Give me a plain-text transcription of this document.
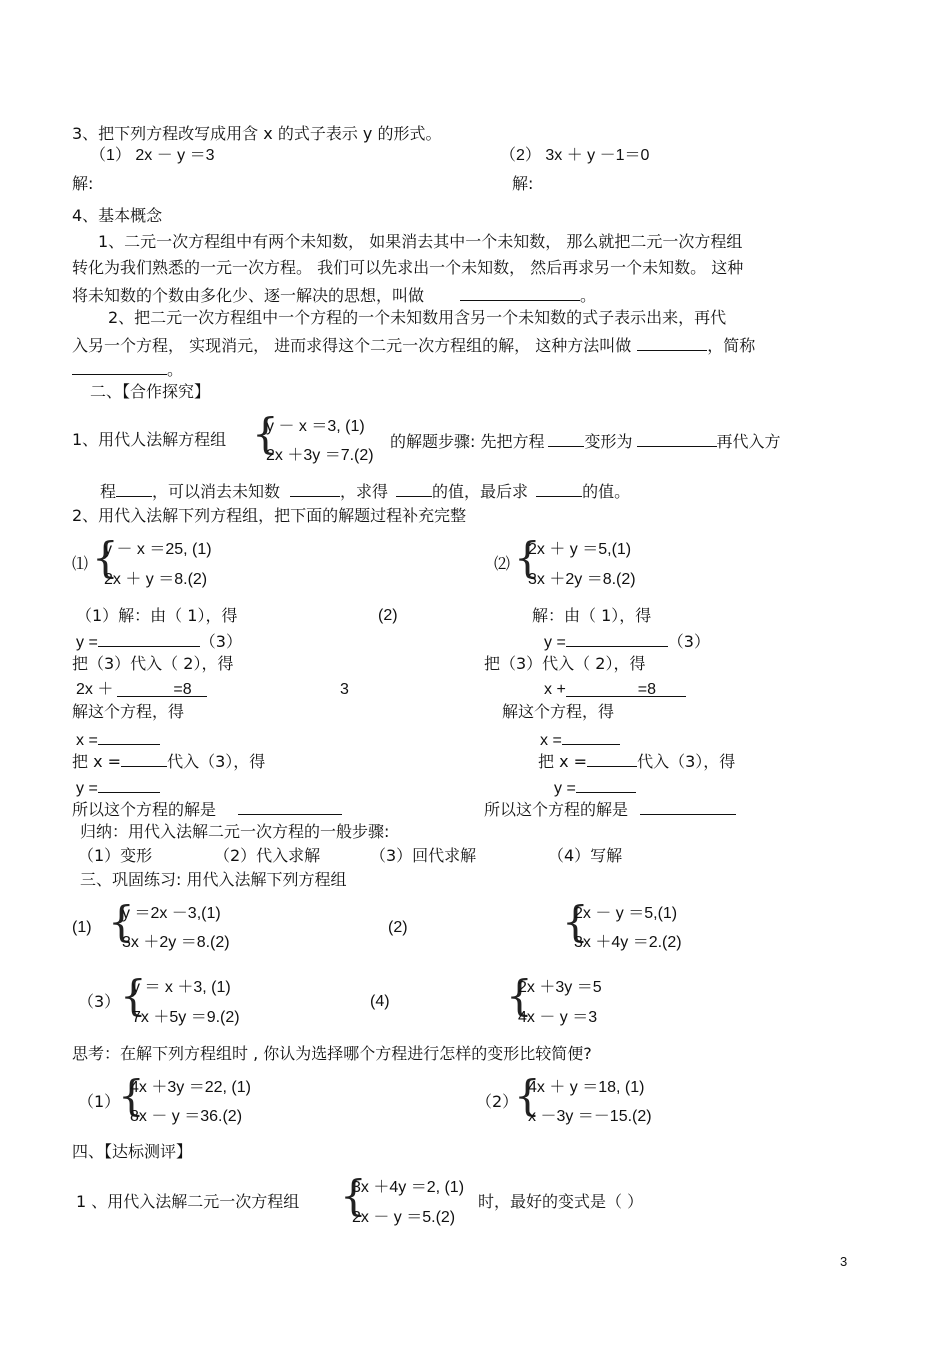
3、把下列方程改写成用含 x 的式子表示 y 的形式。
（1） 2x － y ＝3	（2） 3x ＋ y －1＝0
解:	解:
4、基本概念
1、二元一次方程组中有两个未知数， 如果消去其中一个未知数， 那么就把二元一次方程组
转化为我们熟悉的一元一次方程。 我们可以先求出一个未知数， 然后再求另一个未知数。 这种
将未知数的个数由多化少、逐一解决的思想，叫做	。
2、把二元一次方程组中一个方程的一个未知数用含另一个未知数的式子表示出来，再代
入另一个方程， 实现消元， 进而求得这个二元一次方程组的解， 这种方法叫做	，简称
。
二、【合作探究】
1、用代人法解方程组 {
y － x ＝3, (1)
2x ＋3y ＝7.(2)
的解题步骤: 先把方程	变形为	再代入方
程 ，可以消去未知数	，求得	的值，最后求	的值。
2、用代入法解下列方程组，把下面的解题过程补充完整
⑴ {
y － x ＝25, (1)
2x ＋ y ＝8.(2)
⑵ {
2x ＋ y ＝5,(1)
3x ＋2y ＝8.(2)
（1）解：由（ 1），得	(2)
y =	（3）
把（3）代入（ 2），得
2x ＋	=8	3
解这个方程，得
x =
把 x =	代入（3），得
y =
所以这个方程的解是
解：由（ 1），得
y =	（3）
把（3）代入（ 2），得
x +	=8
解这个方程，得
x =
把 x =	代入（3），得
y =
所以这个方程的解是
归纳：用代入法解二元一次方程的一般步骤:
（1）变形	（2）代入求解	（3）回代求解	（4）写解
三、巩固练习: 用代入法解下列方程组
(1) {
y ＝2x －3,(1)
3x ＋2y ＝8.(2)
(2)	{
2x － y ＝5,(1)
3x ＋4y ＝2.(2)
（3） {
y ＝ x ＋3, (1)
7x ＋5y ＝9.(2)
(4)	{
2x ＋3y ＝5
4x － y ＝3
思考：在解下列方程组时 , 你认为选择哪个方程进行怎样的变形比较简便?
（1）
{
4x ＋3y ＝22, (1)
8x － y ＝36.(2)
（2）
{
4x ＋ y ＝18, (1)
x －3y ＝－15.(2)
四、【达标测评】
1 、用代入法解二元一次方程组 {
3x ＋4y ＝2, (1)
2x － y ＝5.(2)
时，最好的变式是（ ）
3
